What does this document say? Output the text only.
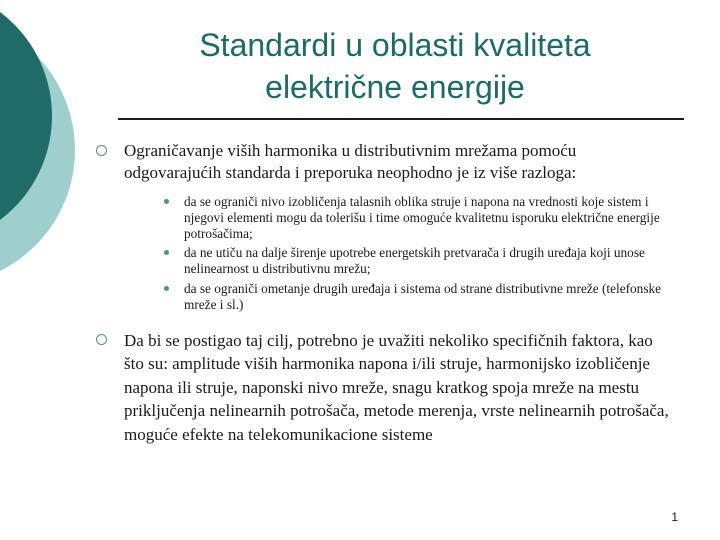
Standardi u oblasti kvaliteta
električne energije
Ograničavanje viših harmonika u distributivnim mrežama pomoću odgovarajućih standarda i preporuka neophodno je iz više razloga:
da se ograniči nivo izobličenja talasnih oblika struje i napona na vrednosti koje sistem i njegovi elementi mogu da tolerišu i time omoguće kvalitetnu isporuku električne energije potrošačima;
da ne utiču na dalje širenje upotrebe energetskih pretvarača i drugih uređaja koji unose nelinearnost u distributivnu mrežu;
da se ograniči ometanje drugih uređaja i sistema od strane distributivne mreže (telefonske mreže i sl.)
Da bi se postigao taj cilj, potrebno je uvažiti nekoliko specifičnih faktora, kao što su: amplitude viših harmonika napona i/ili struje, harmonijsko izobličenje napona ili struje, naponski nivo mreže, snagu kratkog spoja mreže na mestu priključenja nelinearnih potrošača, metode merenja, vrste nelinearnih potrošača, moguće efekte na telekomunikacione sisteme
1
